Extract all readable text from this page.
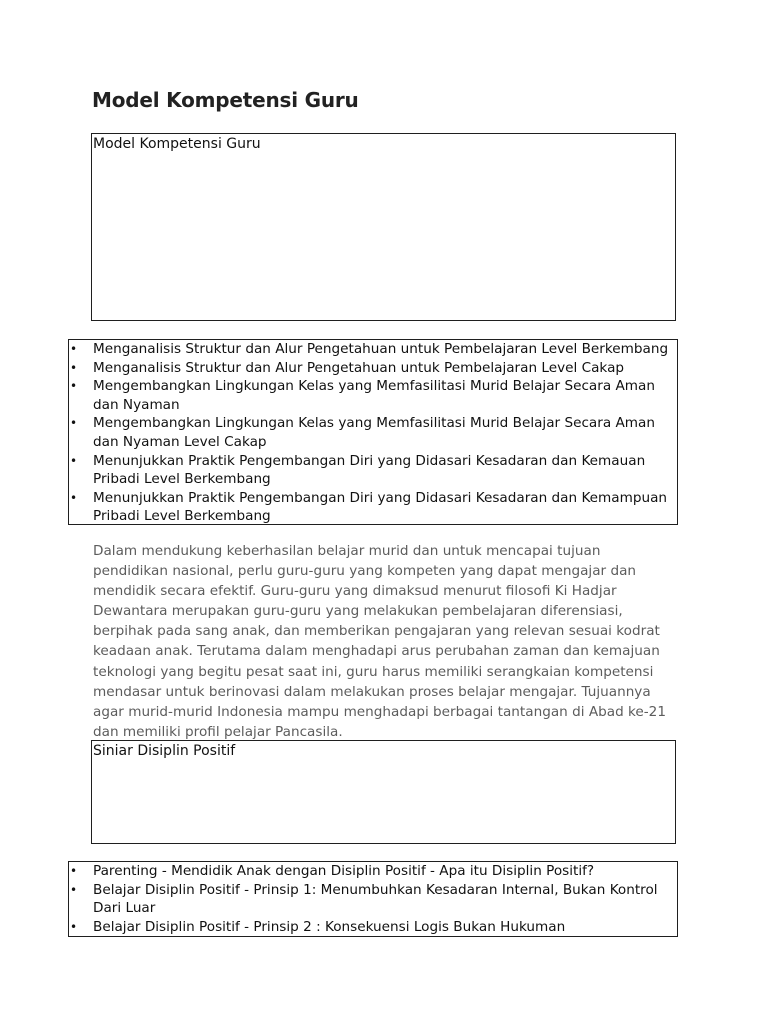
Model Kompetensi Guru
Model Kompetensi Guru
• Menganalisis Struktur dan Alur Pengetahuan untuk Pembelajaran Level Berkembang
• Menganalisis Struktur dan Alur Pengetahuan untuk Pembelajaran Level Cakap
• Mengembangkan Lingkungan Kelas yang Memfasilitasi Murid Belajar Secara Aman dan Nyaman
• Mengembangkan Lingkungan Kelas yang Memfasilitasi Murid Belajar Secara Aman dan Nyaman Level Cakap
• Menunjukkan Praktik Pengembangan Diri yang Didasari Kesadaran dan Kemauan Pribadi Level Berkembang
• Menunjukkan Praktik Pengembangan Diri yang Didasari Kesadaran dan Kemampuan Pribadi Level Berkembang

Dalam mendukung keberhasilan belajar murid dan untuk mencapai tujuan pendidikan nasional, perlu guru-guru yang kompeten yang dapat mengajar dan mendidik secara efektif. Guru-guru yang dimaksud menurut filosofi Ki Hadjar Dewantara merupakan guru-guru yang melakukan pembelajaran diferensiasi, berpihak pada sang anak, dan memberikan pengajaran yang relevan sesuai kodrat keadaan anak. Terutama dalam menghadapi arus perubahan zaman dan kemajuan teknologi yang begitu pesat saat ini, guru harus memiliki serangkaian kompetensi mendasar untuk berinovasi dalam melakukan proses belajar mengajar. Tujuannya agar murid-murid Indonesia mampu menghadapi berbagai tantangan di Abad ke-21 dan memiliki profil pelajar Pancasila.

Siniar Disiplin Positif
• Parenting - Mendidik Anak dengan Disiplin Positif - Apa itu Disiplin Positif?
• Belajar Disiplin Positif - Prinsip 1: Menumbuhkan Kesadaran Internal, Bukan Kontrol Dari Luar
• Belajar Disiplin Positif - Prinsip 2 : Konsekuensi Logis Bukan Hukuman
